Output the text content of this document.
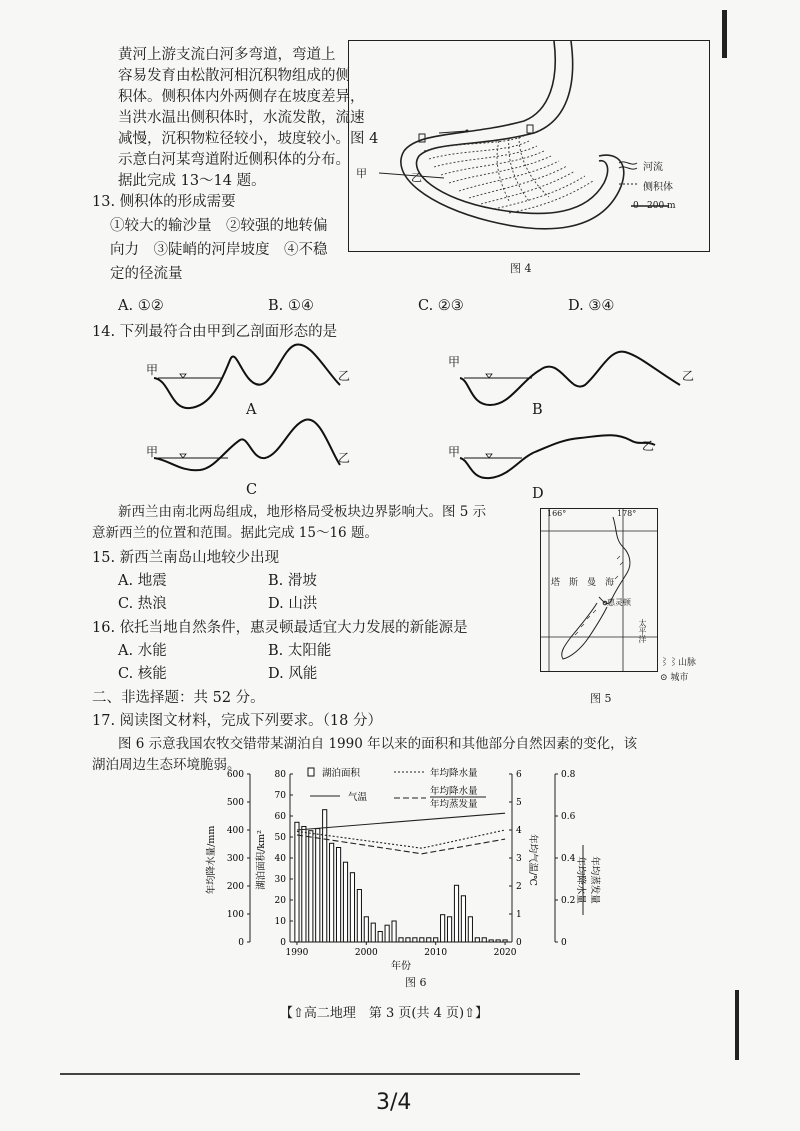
黄河上游支流白河多弯道，弯道上
容易发育由松散河相沉积物组成的侧
积体。侧积体内外两侧存在坡度差异，
当洪水温出侧积体时，水流发散，流速
减慢，沉积物粒径较小，坡度较小。图 4
示意白河某弯道附近侧积体的分布。
据此完成 13～14 题。	甲	乙
河流
侧积体
0 200 m
图 4
13. 侧积体的形成需要
①较大的输沙量　②较强的地转偏
向力　③陡峭的河岸坡度　④不稳
定的径流量
A. ①②	B. ①④	C. ②③	D. ③④
14. 下列最符合由甲到乙剖面形态的是
甲	乙
甲
乙
A	B
甲	乙	甲	乙
C	D
新西兰由南北两岛组成，地形格局受板块边界影响大。图 5 示
意新西兰的位置和范围。据此完成 15～16 题。
166°	178°
塔　斯　曼　海
惠灵顿
太平洋
⌇⌇山脉
⊙ 城市
图 5
15. 新西兰南岛山地较少出现
A. 地震	B. 滑坡
C. 热浪	D. 山洪
16. 依托当地自然条件，惠灵顿最适宜大力发展的新能源是
A. 水能	B. 太阳能
C. 核能	D. 风能
二、非选择题：共 52 分。
17. 阅读图文材料，完成下列要求。（18 分）
图 6 示意我国农牧交错带某湖泊自 1990 年以来的面积和其他部分自然因素的变化，该
湖泊周边生态环境脆弱。
0
100
200
300
400
500
600
0
10
20
30
40
50
60
70
80
0
1
2
3
4
5
6
0
0.2
0.4
0.6
0.8
1990	2000	2010	2020
年均降水量/mm	湖泊面积/km²	年均气温/℃	年均降水量 年均蒸发量
年份
湖泊面积	年均降水量
气温
年均降水量
年均蒸发量
图 6
【⇧高二地理　第 3 页(共 4 页)⇧】
3/4
